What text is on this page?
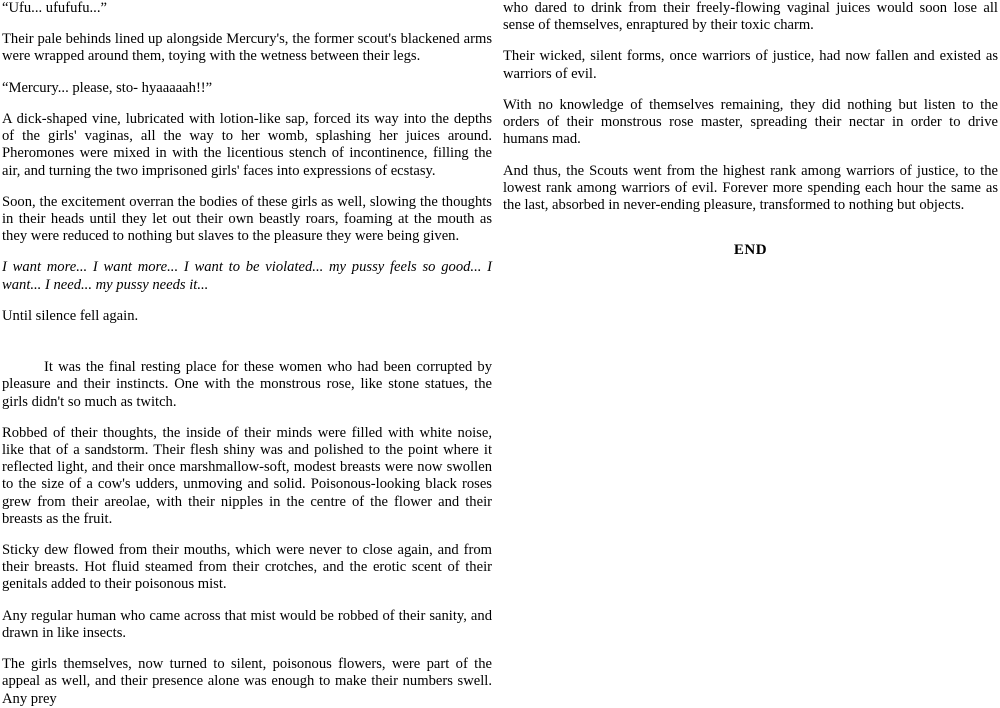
“Ufu... ufufufu...”

Their pale behinds lined up alongside Mercury's, the former scout's blackened arms were wrapped around them, toying with the wetness between their legs.

“Mercury... please, sto- hyaaaaah!!”

A dick-shaped vine, lubricated with lotion-like sap, forced its way into the depths of the girls' vaginas, all the way to her womb, splashing her juices around. Pheromones were mixed in with the licentious stench of incontinence, filling the air, and turning the two imprisoned girls' faces into expressions of ecstasy.

Soon, the excitement overran the bodies of these girls as well, slowing the thoughts in their heads until they let out their own beastly roars, foaming at the mouth as they were reduced to nothing but slaves to the pleasure they were being given.

I want more... I want more... I want to be violated... my pussy feels so good... I want... I need... my pussy needs it...

Until silence fell again.

It was the final resting place for these women who had been corrupted by pleasure and their instincts. One with the monstrous rose, like stone statues, the girls didn't so much as twitch.

Robbed of their thoughts, the inside of their minds were filled with white noise, like that of a sandstorm. Their flesh shiny was and polished to the point where it reflected light, and their once marshmallow-soft, modest breasts were now swollen to the size of a cow's udders, unmoving and solid. Poisonous-looking black roses grew from their areolae, with their nipples in the centre of the flower and their breasts as the fruit.

Sticky dew flowed from their mouths, which were never to close again, and from their breasts. Hot fluid steamed from their crotches, and the erotic scent of their genitals added to their poisonous mist.

Any regular human who came across that mist would be robbed of their sanity, and drawn in like insects.

The girls themselves, now turned to silent, poisonous flowers, were part of the appeal as well, and their presence alone was enough to make their numbers swell. Any prey

who dared to drink from their freely-flowing vaginal juices would soon lose all sense of themselves, enraptured by their toxic charm.

Their wicked, silent forms, once warriors of justice, had now fallen and existed as warriors of evil.

With no knowledge of themselves remaining, they did nothing but listen to the orders of their monstrous rose master, spreading their nectar in order to drive humans mad.

And thus, the Scouts went from the highest rank among warriors of justice, to the lowest rank among warriors of evil. Forever more spending each hour the same as the last, absorbed in never-ending pleasure, transformed to nothing but objects.

END
